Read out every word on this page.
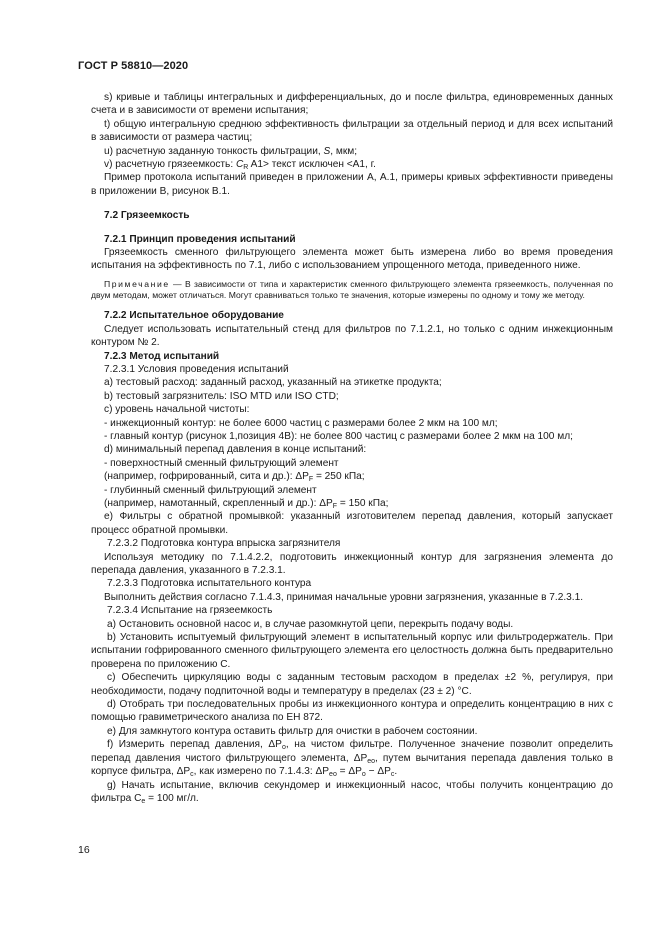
ГОСТ Р 58810—2020

s) кривые и таблицы интегральных и дифференциальных, до и после фильтра, единовременных данных счета и в зависимости от времени испытания;

t) общую интегральную среднюю эффективность фильтрации за отдельный период и для всех испытаний в зависимости от размера частиц;

u) расчетную заданную тонкость фильтрации, S, мкм;

v) расчетную грязеемкость: $C_R$ A1> текст исключен <A1, г.

Пример протокола испытаний приведен в приложении А, А.1, примеры кривых эффективности приведены в приложении В, рисунок В.1.

7.2 Грязеемкость

7.2.1 Принцип проведения испытаний

Грязеемкость сменного фильтрующего элемента может быть измерена либо во время проведения испытания на эффективность по 7.1, либо с использованием упрощенного метода, приведенного ниже.

Примечание — В зависимости от типа и характеристик сменного фильтрующего элемента грязеемкость, полученная по двум методам, может отличаться. Могут сравниваться только те значения, которые измерены по одному и тому же методу.

7.2.2 Испытательное оборудование

Следует использовать испытательный стенд для фильтров по 7.1.2.1, но только с одним инжекционным контуром № 2.

7.2.3 Метод испытаний

7.2.3.1 Условия проведения испытаний

a) тестовый расход: заданный расход, указанный на этикетке продукта;

b) тестовый загрязнитель: ISO MTD или ISO CTD;

c) уровень начальной чистоты:

- инжекционный контур: не более 6000 частиц с размерами более 2 мкм на 100 мл;

- главный контур (рисунок 1,позиция 4В): не более 800 частиц с размерами более 2 мкм на 100 мл;

d) минимальный перепад давления в конце испытаний:

- поверхностный сменный фильтрующий элемент

(например, гофрированный, сита и др.): $\Delta P_F = 250$ кПа;

- глубинный сменный фильтрующий элемент

(например, намотанный, скрепленный и др.): $\Delta P_F = 150$ кПа;

e) Фильтры с обратной промывкой: указанный изготовителем перепад давления, который запускает процесс обратной промывки.

7.2.3.2 Подготовка контура впрыска загрязнителя

Используя методику по 7.1.4.2.2, подготовить инжекционный контур для загрязнения элемента до перепада давления, указанного в 7.2.3.1.

7.2.3.3 Подготовка испытательного контура

Выполнить действия согласно 7.1.4.3, принимая начальные уровни загрязнения, указанные в 7.2.3.1.

7.2.3.4 Испытание на грязеемкость

a) Остановить основной насос и, в случае разомкнутой цепи, перекрыть подачу воды.

b) Установить испытуемый фильтрующий элемент в испытательный корпус или фильтродержатель. При испытании гофрированного сменного фильтрующего элемента его целостность должна быть предварительно проверена по приложению С.

c) Обеспечить циркуляцию воды с заданным тестовым расходом в пределах ±2 %, регулируя, при необходимости, подачу подпиточной воды и температуру в пределах (23 ± 2) °С.

d) Отобрать три последовательных пробы из инжекционного контура и определить концентрацию в них с помощью гравиметрического анализа по ЕН 872.

e) Для замкнутого контура оставить фильтр для очистки в рабочем состоянии.

f) Измерить перепад давления, $\Delta P_o$, на чистом фильтре. Полученное значение позволит определить перепад давления чистого фильтрующего элемента, $\Delta P_{eo}$, путем вычитания перепада давления только в корпусе фильтра, $\Delta P_c$, как измерено по 7.1.4.3: $\Delta P_{eo} = \Delta P_o - \Delta P_c$.

g) Начать испытание, включив секундомер и инжекционный насос, чтобы получить концентрацию до фильтра $C_e = 100$ мг/л.

16
